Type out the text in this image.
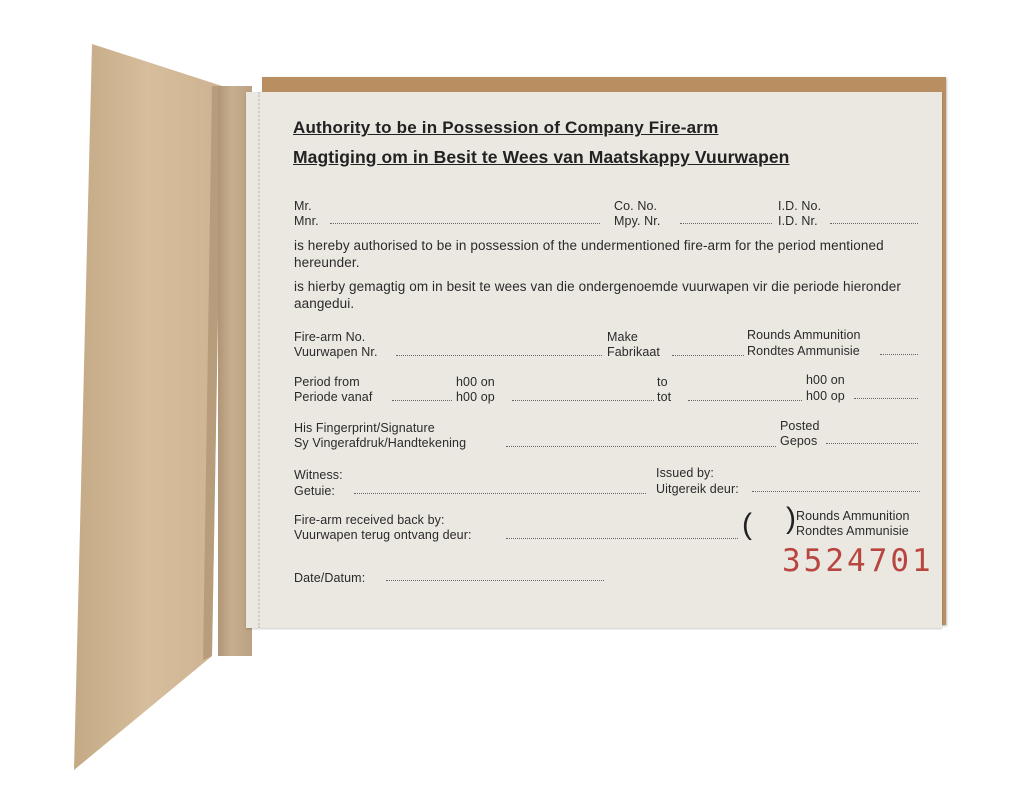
Authority to be in Possession of Company Fire-arm
Magtiging om in Besit te Wees van Maatskappy Vuurwapen
Mr.
Mnr.
Co. No.
Mpy. Nr.
I.D. No.
I.D. Nr.
is hereby authorised to be in possession of the undermentioned fire-arm for the period mentioned hereunder.
is hierby gemagtig om in besit te wees van die ondergenoemde vuurwapen vir die periode hieronder aangedui.
Fire-arm No.
Vuurwapen Nr.
Make
Fabrikaat
Rounds Ammunition
Rondtes Ammunisie
Period from
Periode vanaf
h00 on
h00 op
to
tot
h00 on
h00 op
His Fingerprint/Signature
Sy Vingerafdruk/Handtekening
Posted
Gepos
Witness:
Getuie:
Issued by:
Uitgereik deur:
Fire-arm received back by:
Vuurwapen terug ontvang deur:	( ) Rounds Ammunition
Rondtes Ammunisie
3524701
Date/Datum:
